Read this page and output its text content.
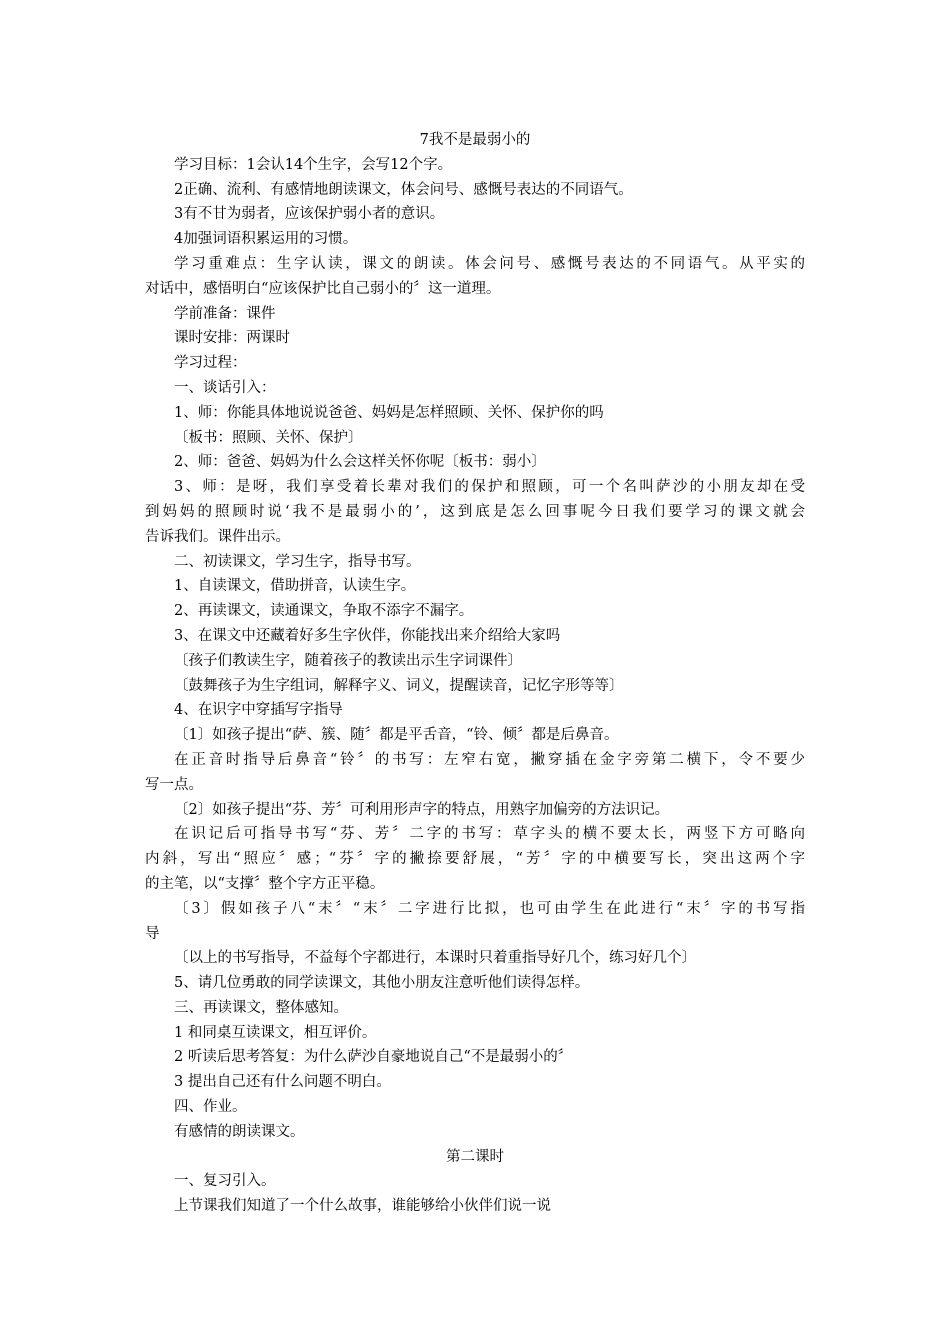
7我不是最弱小的
学习目标：1会认14个生字，会写12个字。
2正确、流利、有感情地朗读课文，体会问号、感慨号表达的不同语气。
3有不甘为弱者，应该保护弱小者的意识。
4加强词语积累运用的习惯。
学习重难点：生字认读，课文的朗读。体会问号、感慨号表达的不同语气。从平实的
对话中，感悟明白“应该保护比自己弱小的〞这一道理。
学前准备：课件
课时安排：两课时
学习过程：
一、谈话引入：
1、师：你能具体地说说爸爸、妈妈是怎样照顾、关怀、保护你的吗
〔板书：照顾、关怀、保护〕
2、师：爸爸、妈妈为什么会这样关怀你呢〔板书：弱小〕
3、师：是呀，我们享受着长辈对我们的保护和照顾，可一个名叫萨沙的小朋友却在受
到妈妈的照顾时说‘我不是最弱小的’，这到底是怎么回事呢今日我们要学习的课文就会
告诉我们。课件出示。
二、初读课文，学习生字，指导书写。
1、自读课文，借助拼音，认读生字。
2、再读课文，读通课文，争取不添字不漏字。
3、在课文中还藏着好多生字伙伴，你能找出来介绍给大家吗
〔孩子们教读生字，随着孩子的教读出示生字词课件〕
〔鼓舞孩子为生字组词，解释字义、词义，提醒读音，记忆字形等等〕
4、在识字中穿插写字指导
〔1〕如孩子提出“萨、簇、随〞都是平舌音，“铃、倾〞都是后鼻音。
在正音时指导后鼻音“铃〞的书写：左窄右宽，撇穿插在金字旁第二横下，令不要少
写一点。
〔2〕如孩子提出“芬、芳〞可利用形声字的特点，用熟字加偏旁的方法识记。
在识记后可指导书写“芬、芳〞二字的书写：草字头的横不要太长，两竖下方可略向
内斜，写出“照应〞感；“芬〞字的撇捺要舒展，“芳〞字的中横要写长，突出这两个字
的主笔，以“支撑〞整个字方正平稳。
〔3〕假如孩子八“末〞“末〞二字进行比拟，也可由学生在此进行“末〞字的书写指
导
〔以上的书写指导，不益每个字都进行，本课时只着重指导好几个，练习好几个〕
5、请几位勇敢的同学读课文，其他小朋友注意听他们读得怎样。
三、再读课文，整体感知。
1 和同桌互读课文，相互评价。
2 听读后思考答复：为什么萨沙自豪地说自己“不是最弱小的〞
3 提出自己还有什么问题不明白。
四、作业。
有感情的朗读课文。
第二课时
一、复习引入。
上节课我们知道了一个什么故事，谁能够给小伙伴们说一说
